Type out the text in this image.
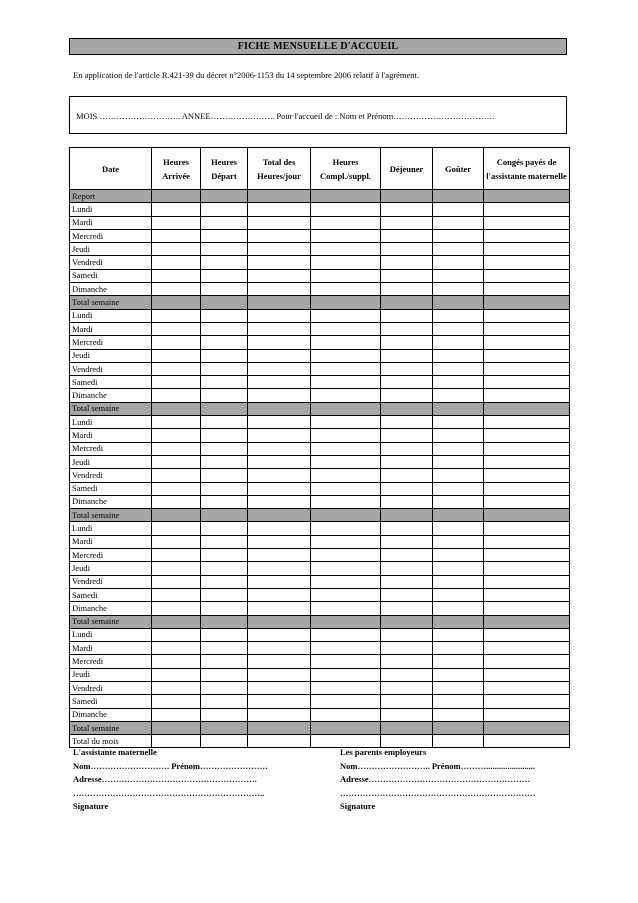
FICHE MENSUELLE D'ACCUEIL
En application de l'article R.421-39 du décret n°2006-1153 du 14 septembre 2006 relatif à l'agrément.
MOIS ……………………….. ANNEE………………….. Pour l'accueil de : Nom et Prénom………………………………
Date	Heures Arrivée	Heures Départ	Total des Heures/jour	Heures Compl./suppl.	Déjeuner	Goûter	Congés payés de l'assistante maternelle
Report							
Lundi							
Mardi							
Mercredi							
Jeudi							
Vendredi							
Samedi							
Dimanche							
Total semaine							
Lundi							
Mardi							
Mercredi							
Jeudi							
Vendredi							
Samedi							
Dimanche							
Total semaine							
Lundi							
Mardi							
Mercredi							
Jeudi							
Vendredi							
Samedi							
Dimanche							
Total semaine							
Lundi							
Mardi							
Mercredi							
Jeudi							
Vendredi							
Samedi							
Dimanche							
Total semaine							
Lundi							
Mardi							
Mercredi							
Jeudi							
Vendredi							
Samedi							
Dimanche							
Total semaine							
Total du mois							
L'assistante maternelle
Nom………………………. Prénom……………………
Adresse……………………………………………….
…………………………………………………………..
Signature
Les parents employeurs
Nom…………………….. Prénom……….......................
Adresse…………………………………………………
……………………………………………………………
Signature
